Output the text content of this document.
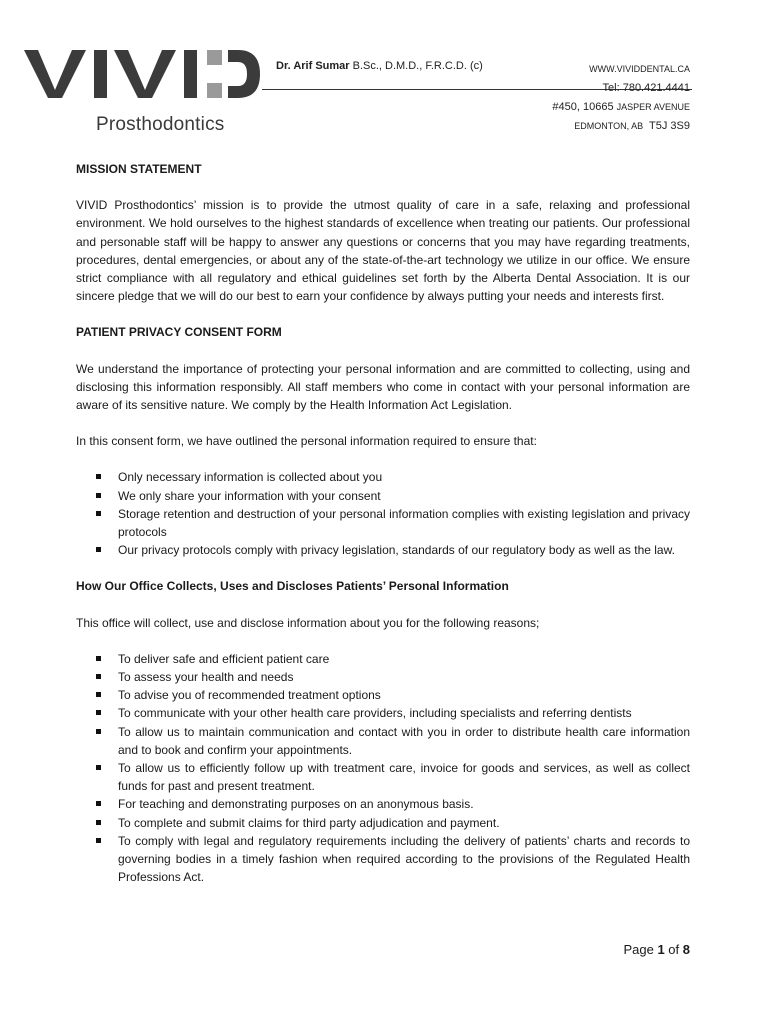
Prosthodontics
Dr. Arif Sumar B.Sc., D.M.D., F.R.C.D. (c)	WWW.VIVIDDENTAL.CA
Tel: 780.421.4441
#450, 10665 JASPER AVENUE
EDMONTON, AB T5J 3S9
MISSION STATEMENT

VIVID Prosthodontics’ mission is to provide the utmost quality of care in a safe, relaxing and professional environment. We hold ourselves to the highest standards of excellence when treating our patients. Our professional and personable staff will be happy to answer any questions or concerns that you may have regarding treatments, procedures, dental emergencies, or about any of the state-of-the-art technology we utilize in our office. We ensure strict compliance with all regulatory and ethical guidelines set forth by the Alberta Dental Association. It is our sincere pledge that we will do our best to earn your confidence by always putting your needs and interests first.

PATIENT PRIVACY CONSENT FORM

We understand the importance of protecting your personal information and are committed to collecting, using and disclosing this information responsibly. All staff members who come in contact with your personal information are aware of its sensitive nature. We comply by the Health Information Act Legislation.

In this consent form, we have outlined the personal information required to ensure that:

Only necessary information is collected about you
We only share your information with your consent
Storage retention and destruction of your personal information complies with existing legislation and privacy protocols
Our privacy protocols comply with privacy legislation, standards of our regulatory body as well as the law.
How Our Office Collects, Uses and Discloses Patients’ Personal Information

This office will collect, use and disclose information about you for the following reasons;

To deliver safe and efficient patient care
To assess your health and needs
To advise you of recommended treatment options
To communicate with your other health care providers, including specialists and referring dentists
To allow us to maintain communication and contact with you in order to distribute health care information and to book and confirm your appointments.
To allow us to efficiently follow up with treatment care, invoice for goods and services, as well as collect funds for past and present treatment.
For teaching and demonstrating purposes on an anonymous basis.
To complete and submit claims for third party adjudication and payment.
To comply with legal and regulatory requirements including the delivery of patients’ charts and records to governing bodies in a timely fashion when required according to the provisions of the Regulated Health Professions Act.
Page 1 of 8
